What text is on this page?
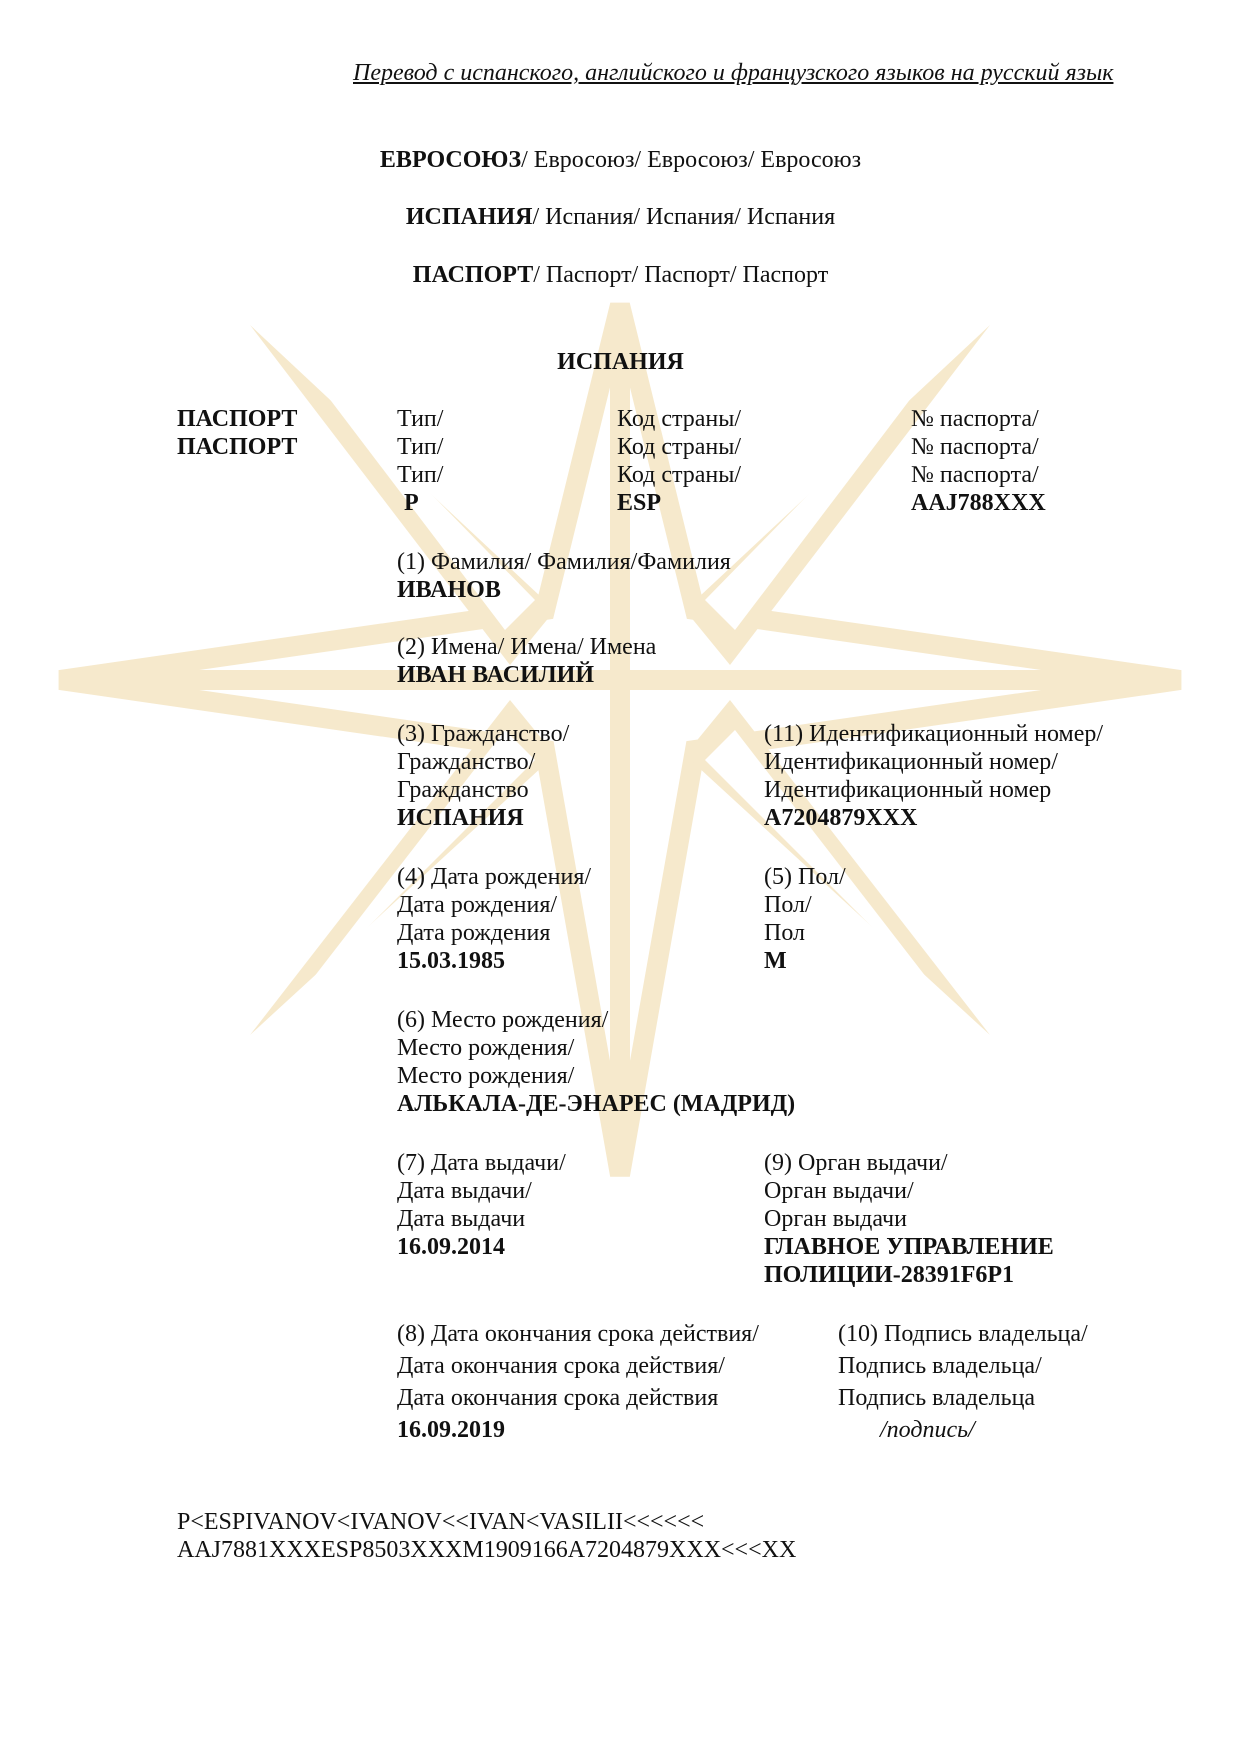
Перевод с испанского, английского и французского языков на русский язык
ЕВРОСОЮЗ/ Евросоюз/ Евросоюз/ Евросоюз
ИСПАНИЯ/ Испания/ Испания/ Испания
ПАСПОРТ/ Паспорт/ Паспорт/ Паспорт
ИСПАНИЯ
ПАСПОРТ
ПАСПОРТ
Тип/
Тип/
Тип/
P
Код страны/
Код страны/
Код страны/
ESP
№ паспорта/
№ паспорта/
№ паспорта/
AAJ788XXX
(1) Фамилия/ Фамилия/Фамилия
ИВАНОВ
(2) Имена/ Имена/ Имена
ИВАН ВАСИЛИЙ
(3) Гражданство/
Гражданство/
Гражданство
ИСПАНИЯ
(11) Идентификационный номер/
Идентификационный номер/
Идентификационный номер
A7204879XXX
(4) Дата рождения/
Дата рождения/
Дата рождения
15.03.1985
(5) Пол/
Пол/
Пол
M
(6) Место рождения/
Место рождения/
Место рождения/
АЛЬКАЛА-ДЕ-ЭНАРЕС (МАДРИД)
(7) Дата выдачи/
Дата выдачи/
Дата выдачи
16.09.2014
(9) Орган выдачи/
Орган выдачи/
Орган выдачи
ГЛАВНОЕ УПРАВЛЕНИЕ
ПОЛИЦИИ-28391F6P1
(8) Дата окончания срока действия/
Дата окончания срока действия/
Дата окончания срока действия
16.09.2019
(10) Подпись владельца/
Подпись владельца/
Подпись владельца
/подпись/
P<ESPIVANOV<IVANOV<<IVAN<VASILII<<<<<<
AAJ7881XXXESP8503XXXM1909166A7204879XXX<<<XX
